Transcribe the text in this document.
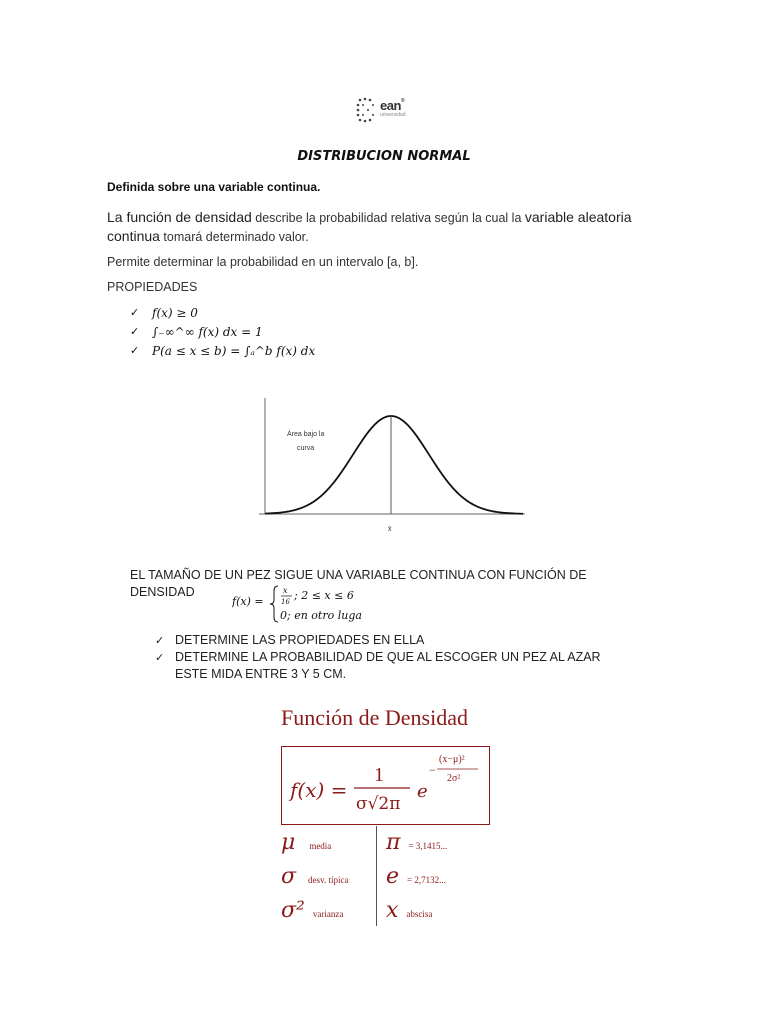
ean®
universidad
DISTRIBUCION NORMAL
Definida sobre una variable continua.
La función de densidad describe la probabilidad relativa según la cual la variable aleatoria
continua tomará determinado valor.
Permite determinar la probabilidad en un intervalo [a, b].
PROPIEDADES
✓ f(x) ≥ 0
✓ ∫₋∞^∞ f(x) dx = 1
✓ P(a ≤ x ≤ b) = ∫ₐ^b f(x) dx
Área bajo la
curva
x̄
EL TAMAÑO DE UN PEZ SIGUE UNA VARIABLE CONTINUA CON FUNCIÓN DE
DENSIDAD
f(x) =
x
16 ; 2 ≤ x ≤ 6
0; en otro lugar
✓ DETERMINE LAS PROPIEDADES EN ELLA
✓ DETERMINE LA PROBABILIDAD DE QUE AL ESCOGER UN PEZ AL AZAR ESTE MIDA ENTRE 3 Y 5 CM.
Función de Densidad
f(x) =
1
σ√2π
e
−
(x−μ)²
2σ²
μ media
σ desv. típica
σ² varianza
π = 3,1415...
e = 2,7132...
x abscisa
